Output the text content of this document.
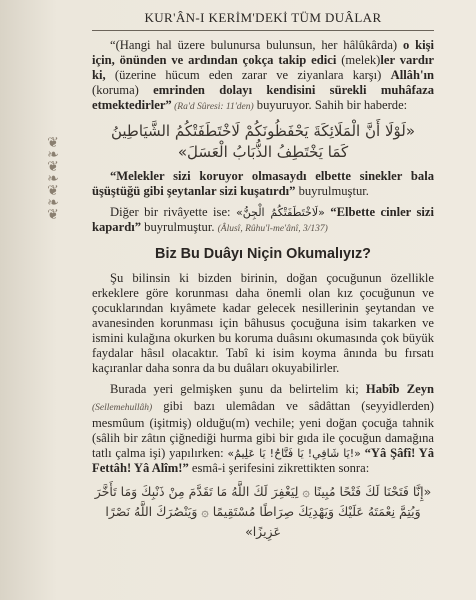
❦
❧
❦
❧
❦
❧
❦
KUR'ÂN-I KERİM'DEKİ TÜM DUÂLAR

“(Hangi hal üzere bulunursa bulunsun, her hâlûkârda) o kişi için, önünden ve ardından çokça takip edici (melek)ler vardır ki, (üzerine hücum eden zarar ve ziyanlara karşı) Allâh'ın (koruma) emrinden dolayı kendisini sürekli muhâfaza etmektedirler” (Ra'd Sûresi: 11'den) buyuruyor. Sahih bir haberde:

«لَوْلَا أَنَّ الْمَلَائِكَةَ يَحْفَظُونَكُمْ لَاخْتَطَفَتْكُمُ الشَّيَاطِينُ
كَمَا يَخْتَطِفُ الذُّبَابُ الْعَسَلَ»

“Melekler sizi koruyor olmasaydı elbette sinekler bala üşüştüğü gibi şeytanlar sizi kuşatırdı” buyrulmuştur.

Diğer bir rivâyette ise: «لَاخْتَطَفَتْكُمُ الْجِنُّ» “Elbette cinler sizi kapardı” buyrulmuştur. (Âlusî, Rûhu'l-me'ânî, 3/137)

Biz Bu Duâyı Niçin Okumalıyız?

Şu bilinsin ki bizden birinin, doğan çocuğunun özellikle erkeklere göre korunması daha önemli olan kız çocuğunun ve çocuklarından kıyâmete kadar gelecek nesillerinin şeytandan ve avanesinden korunması için bâhusus çocuğuna isim takarken ve ismini kulağına okurken bu koruma duâsını okumasında çok büyük faydalar hâsıl olacaktır. Tabî ki isim koyma ânında bu fırsatı kaçıranlar daha sonra da bu duâları okuyabilirler.

Burada yeri gelmişken şunu da belirtelim ki; Habîb Zeyn (Sellemehullâh) gibi bazı ulemâdan ve sâdâttan (seyyidlerden) mesmûum (işitmiş) olduğu(m) vechile; yeni doğan çocuğa tahnik (sâlih bir zâtın çiğnediği hurma gibi bir gıda ile çocuğun damağına tatlı çalma işi) yapılırken: «يَا شَافِي! يَا فَتَّاحُ! يَا عَلِيمُ!» “Yâ Şâfî! Yâ Fettâh! Yâ Alîm!” esmâ-i şerifesini zikrettikten sonra:

«إِنَّا فَتَحْنَا لَكَ فَتْحًا مُبِينًا ۞ لِيَغْفِرَ لَكَ اللَّهُ مَا تَقَدَّمَ مِنْ ذَنْبِكَ وَمَا تَأَخَّرَ
وَيُتِمَّ نِعْمَتَهُ عَلَيْكَ وَيَهْدِيَكَ صِرَاطًا مُسْتَقِيمًا ۞ وَيَنْصُرَكَ اللَّهُ نَصْرًا عَزِيزًا»
